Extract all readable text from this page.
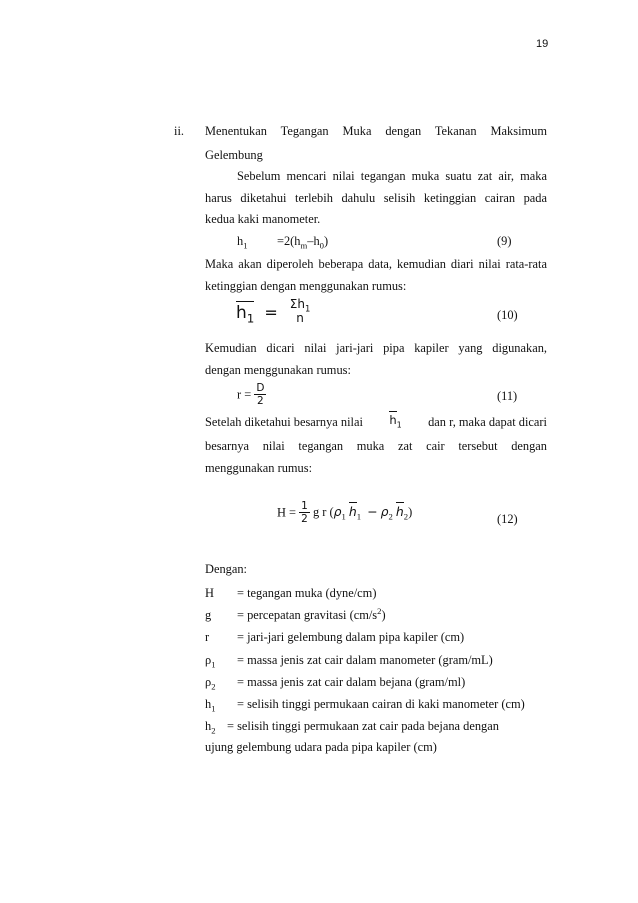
19
ii. Menentukan Tegangan Muka dengan Tekanan Maksimum
Gelembung
Sebelum mencari nilai tegangan muka suatu zat air, maka
harus diketahui terlebih dahulu selisih ketinggian cairan pada
kedua kaki manometer.
$h_1 =2(h_m-h_0)$	(9)
Maka akan diperoleh beberapa data, kemudian diari nilai rata-rata
ketinggian dengan menggunakan rumus:
$h_1 = \Sigma h_1$
n	(10)
Kemudian dicari nilai jari-jari pipa kapiler yang digunakan,
dengan menggunakan rumus:
$r = \frac{D}{2}$	(11)
Setelah diketahui besarnya nilai $h_1$ dan r, maka dapat dicari
besarnya nilai tegangan muka zat cair tersebut dengan
menggunakan rumus:
$H = \frac{1}{2}$ g r ($\rho_1$ $h_1 - \rho_2$ $h_2$)	(12)
Dengan:
H = tegangan muka (dyne/cm)
g = percepatan gravitasi $(cm/s^2)$
r = jari-jari gelembung dalam pipa kapiler (cm)
$\rho_1$ = massa jenis zat cair dalam manometer (gram/mL)
$\rho_2$ = massa jenis zat cair dalam bejana (gram/ml)
$h_1$ = selisih tinggi permukaan cairan di kaki manometer (cm)
$h_2$ = selisih tinggi permukaan zat cair pada bejana dengan
ujung gelembung udara pada pipa kapiler (cm)
